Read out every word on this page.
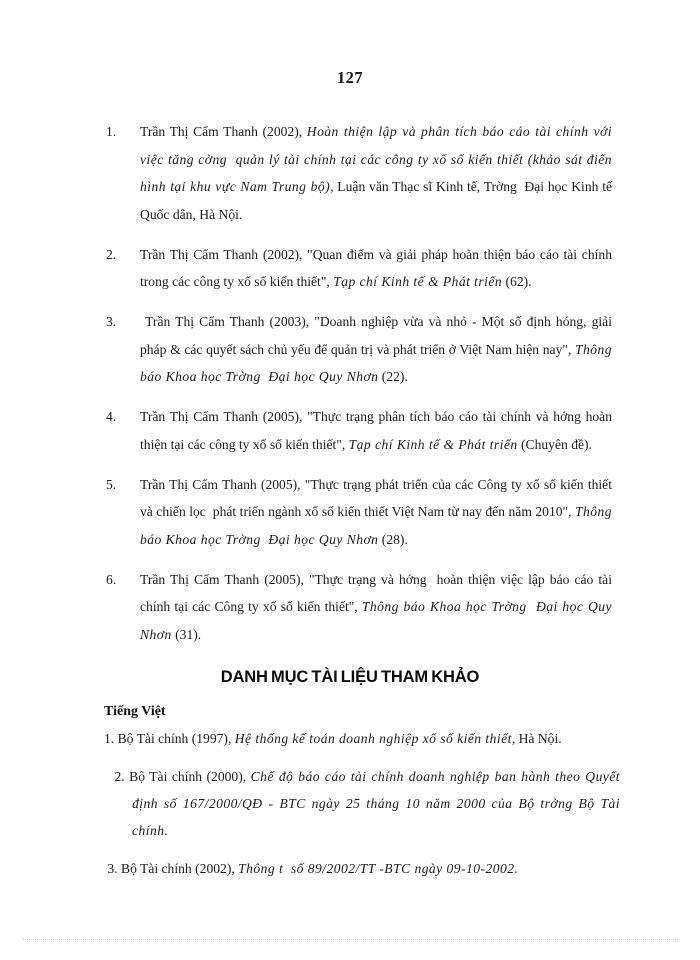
127
1.	Trần Thị Cẩm Thanh (2002), Hoàn thiện lập và phân tích báo cáo tài chính với việc tăng cờng  quản lý tài chính tại các công ty xổ số kiến thiết (khảo sát điển hình tại khu vực Nam Trung bộ), Luận văn Thạc sĩ Kinh tế, Trờng  Đại học Kinh tế Quốc dân, Hà Nội.
2.	Trần Thị Cẩm Thanh (2002), "Quan điểm và giải pháp hoàn thiện báo cáo tài chính trong các công ty xổ số kiến thiết", Tạp chí Kinh tế & Phát triển (62).
3.	Trần Thị Cẩm Thanh (2003), "Doanh nghiệp vừa và nhỏ - Một số định hóng, giải pháp & các quyết sách chủ yếu để quản trị và phát triển ở Việt Nam hiện nay", Thông báo Khoa học Trờng  Đại học Quy Nhơn (22).
4.	Trần Thị Cẩm Thanh (2005), "Thực trạng phân tích báo cáo tài chính và hớng hoàn thiện tại các công ty xổ số kiến thiết", Tạp chí Kinh tế & Phát triển (Chuyên đề).
5.	Trần Thị Cẩm Thanh (2005), "Thực trạng phát triển của các Công ty xổ số kiến thiết và chiến lọc  phát triển ngành xổ số kiến thiết Việt Nam từ nay đến năm 2010", Thông báo Khoa học Trờng  Đại học Quy Nhơn (28).
6.	Trần Thị Cẩm Thanh (2005), "Thực trạng và hớng  hoàn thiện việc lập báo cáo tài chính tại các Công ty xổ số kiến thiết", Thông báo Khoa học Trờng  Đại học Quy Nhơn (31).
DANH MỤC TÀI LIỆU THAM KHẢO
Tiếng Việt
1. Bộ Tài chính (1997), Hệ thống kế toán doanh nghiệp xổ số kiến thiết, Hà Nội.
2. Bộ Tài chính (2000), Chế độ báo cáo tài chính doanh nghiệp ban hành theo Quyết định số 167/2000/QĐ - BTC ngày 25 tháng 10 năm 2000 của Bộ trởng Bộ Tài chính.
3. Bộ Tài chính (2002), Thông t  số 89/2002/TT -BTC ngày 09-10-2002.
